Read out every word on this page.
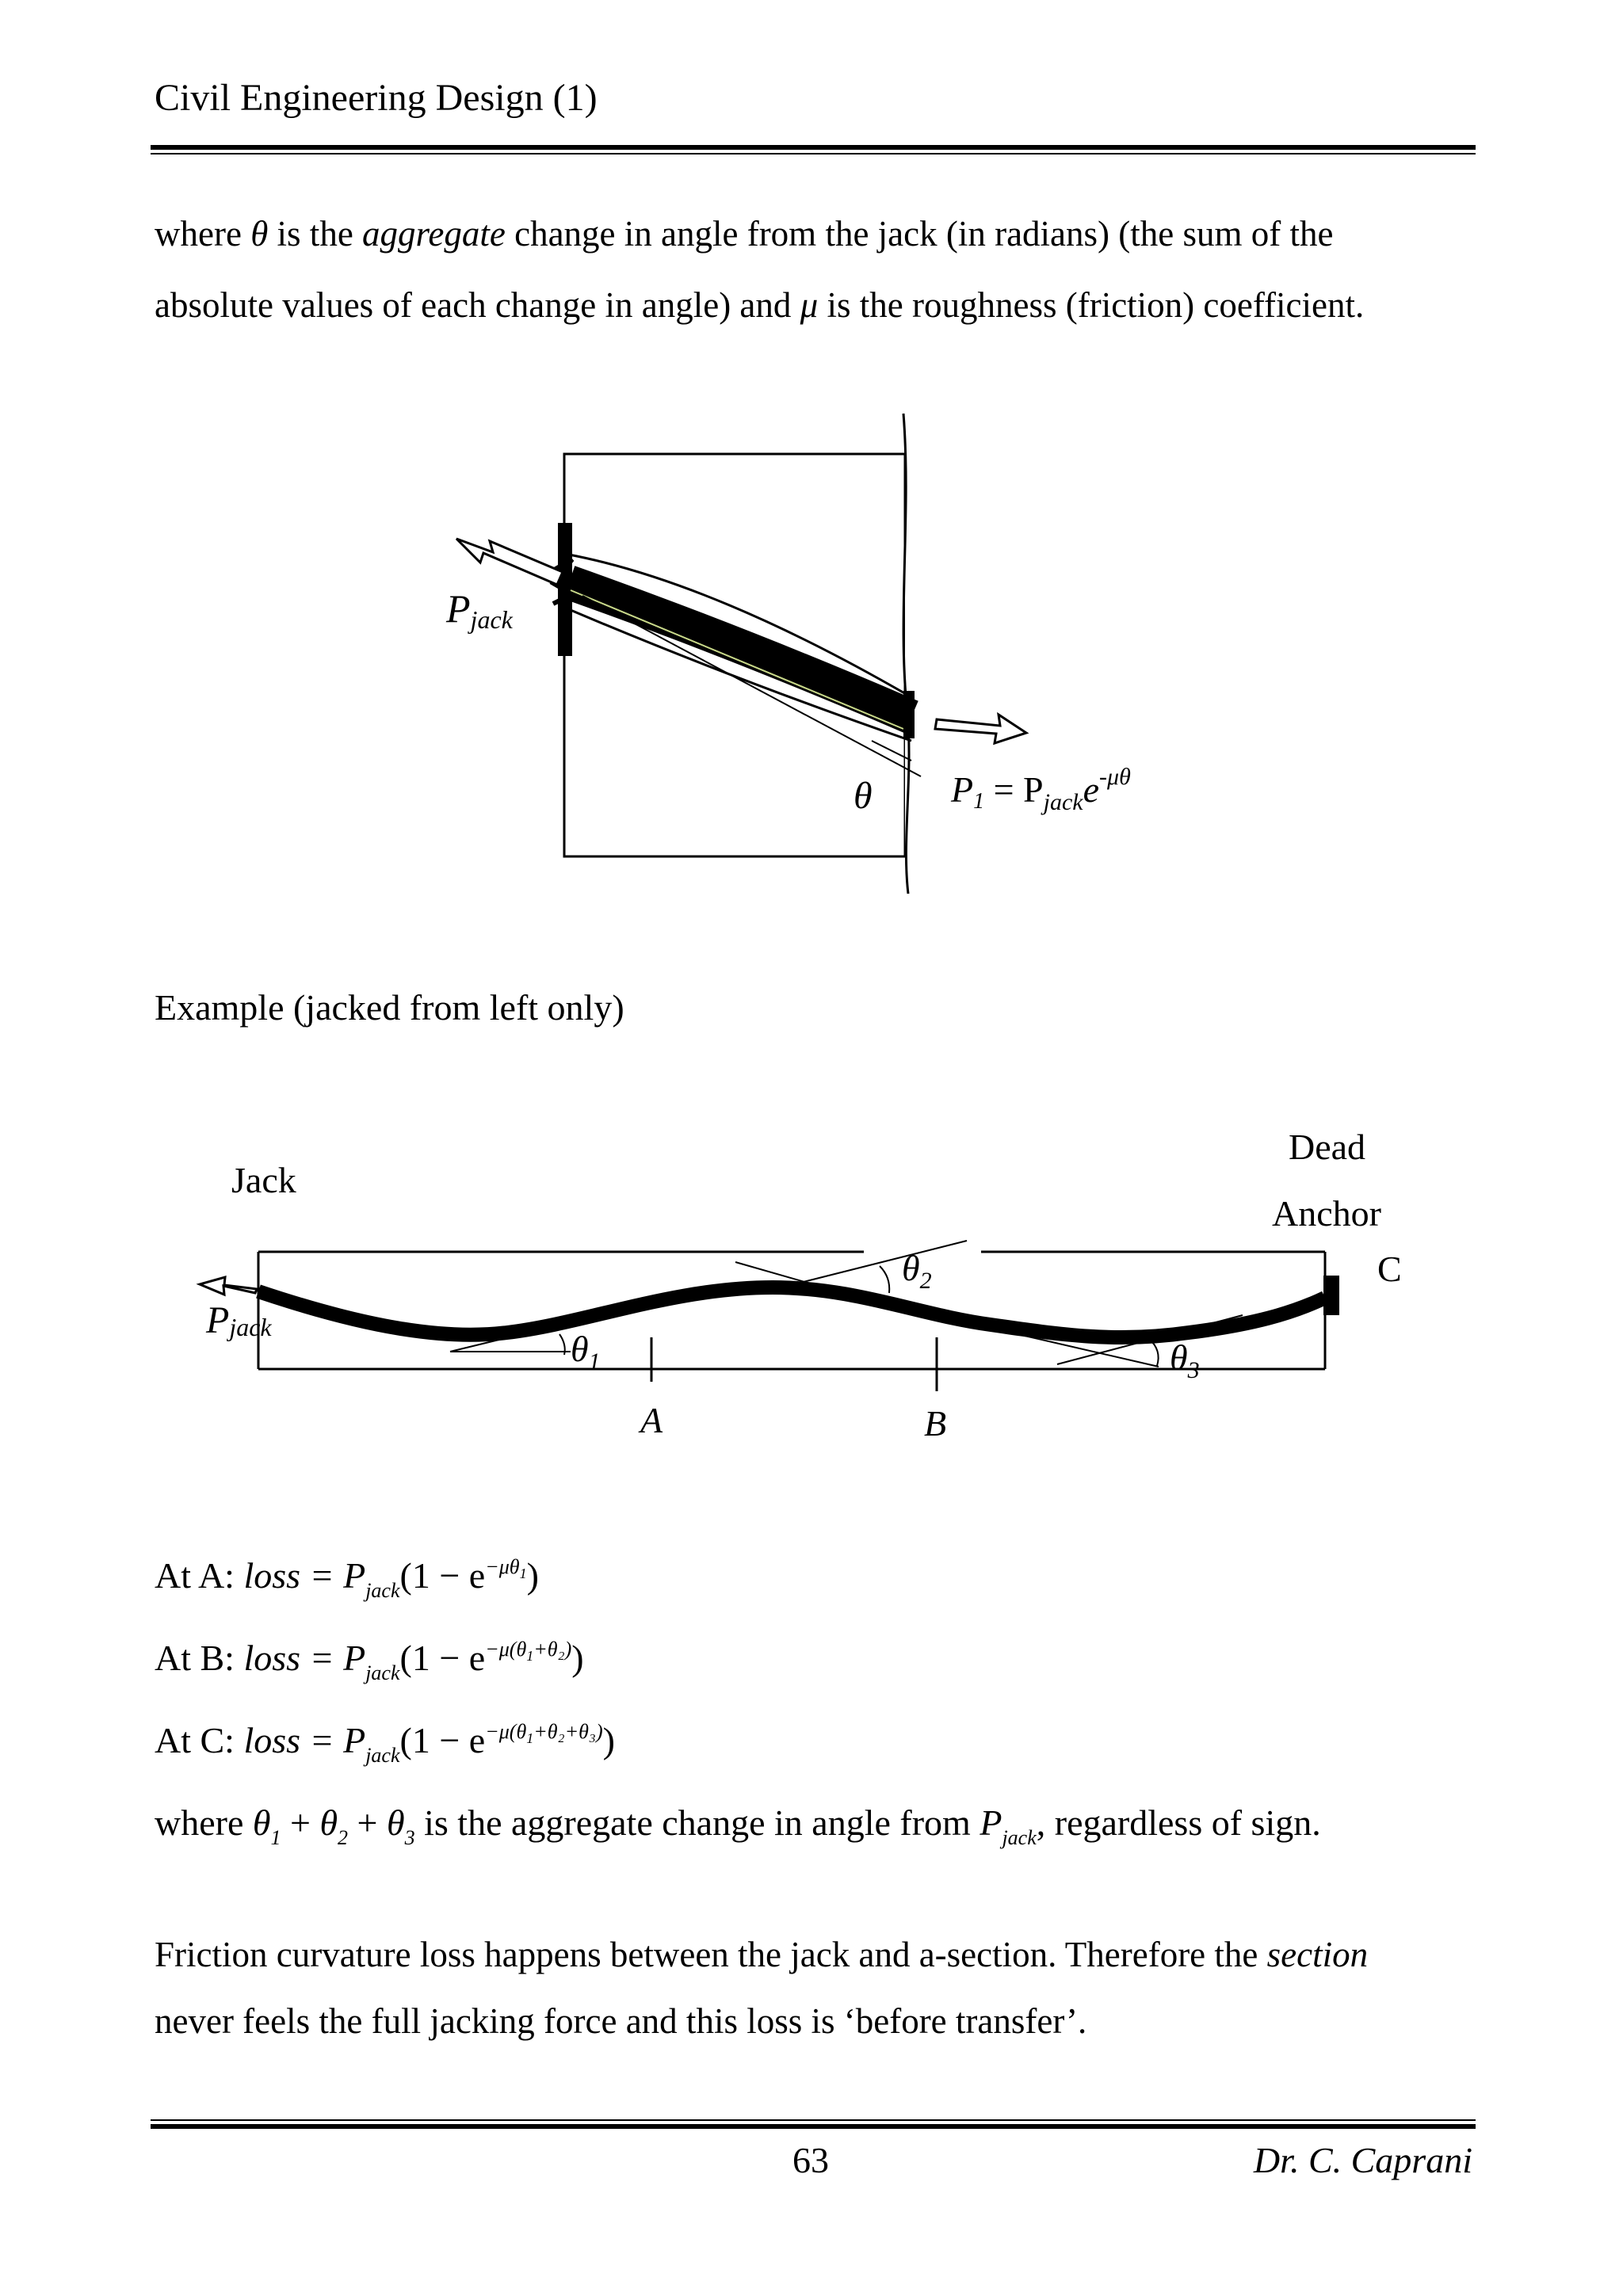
Civil Engineering Design (1)

where θ is the aggregate change in angle from the jack (in radians) (the sum of the

absolute values of each change in angle) and μ is the roughness (friction) coefficient.

Pjack
θ $P1 = P_{jack}e^{-\mu\theta}$
Example (jacked from left only)
Jack
Dead
Anchor
C
$\theta_1$
$\theta_2$
$\theta_3$
A	B
Pjack
At A: loss = $P_{jack}(1 - e^{-\mu\theta_1})$
At B: loss = $P_{jack}(1 - e^{-\mu(\theta_1+\theta_2)})$
At C: loss = $P_{jack}(1 - e^{-\mu(\theta_1+\theta_2+\theta_3)})$
where $\theta_1 + \theta_2 + \theta_3$ is the aggregate change in angle from $P_{jack}$, regardless of sign.

Friction curvature loss happens between the jack and a-section. Therefore the section

never feels the full jacking force and this loss is ‘before transfer’.

63	Dr. C. Caprani
